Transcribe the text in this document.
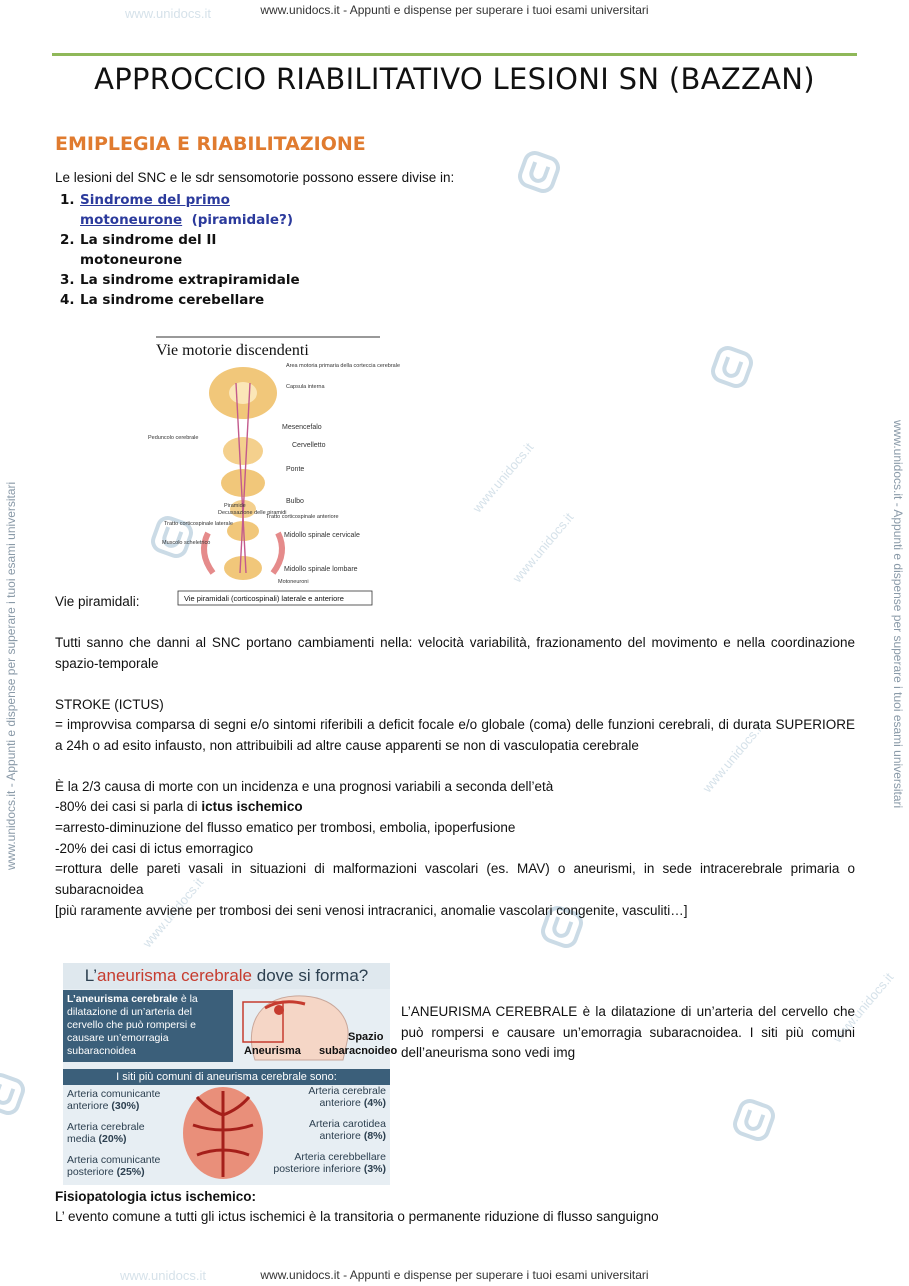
www.unidocs.it
www.unidocs.it
www.unidocs.it
www.unidocs.it
www.unidocs.it
www.unidocs.it
www.unidocs.it
www.unidocs.it - Appunti e dispense per superare i tuoi esami universitari	www.unidocs.it - Appunti e dispense per superare i tuoi esami universitari
www.unidocs.it - Appunti e dispense per superare i tuoi esami universitari
APPROCCIO RIABILITATIVO LESIONI SN (BAZZAN)
EMIPLEGIA E RIABILITAZIONE
Le lesioni del SNC e le sdr sensomotorie possono essere divise in:
1. Sindrome del primo
motoneurone (piramidale?)
2. La sindrome del II
motoneurone
3. La sindrome extrapiramidale
4. La sindrome cerebellare
Vie motorie discendenti
Area motoria primaria della corteccia cerebrale
Capsula interna
Mesencefalo
Peduncolo cerebrale
Cervelletto
Ponte
Bulbo
Piramide
Decussazione delle piramidi
Tratto corticospinale anteriore
Tratto corticospinale laterale
Midollo spinale cervicale
Muscolo scheletrico
Midollo spinale lombare
Motoneuroni
Vie piramidali (corticospinali) laterale e anteriore
Vie piramidali:
Tutti sanno che danni al SNC portano cambiamenti nella: velocità variabilità, frazionamento del movimento e nella coordinazione spazio-temporale
STROKE (ICTUS)
= improvvisa comparsa di segni e/o sintomi riferibili a deficit focale e/o globale (coma) delle funzioni cerebrali, di durata SUPERIORE a 24h o ad esito infausto, non attribuibili ad altre cause apparenti se non di vasculopatia cerebrale
È la 2/3 causa di morte con un incidenza e una prognosi variabili a seconda dell’età
-80% dei casi si parla di ictus ischemico
=arresto-diminuzione del flusso ematico per trombosi, embolia, ipoperfusione
-20% dei casi di ictus emorragico
=rottura delle pareti vasali in situazioni di malformazioni vascolari (es. MAV) o aneurismi, in sede intracerebrale primaria o subaracnoidea
[più raramente avviene per trombosi dei seni venosi intracranici, anomalie vascolari congenite, vasculiti…]
L’aneurisma cerebrale dove si forma?
L’aneurisma cerebrale è la dilatazione di un’arteria del cervello che può rompersi e causare un’emorragia subaracnoidea	Aneurisma
Spazio
subaracnoideo
I siti più comuni di aneurisma cerebrale sono:
Arteria comunicante
anteriore (30%)
Arteria cerebrale
media (20%)
Arteria comunicante
posteriore (25%)
Arteria cerebrale
anteriore (4%)
Arteria carotidea
anteriore (8%)
Arteria cerebbellare
posteriore inferiore (3%)
L’ANEURISMA CEREBRALE è la dilatazione di un’arteria del cervello che può rompersi e causare un’emorragia subaracnoidea. I siti più comuni dell’aneurisma sono vedi img
Fisiopatologia ictus ischemico:
L’ evento comune a tutti gli ictus ischemici è la transitoria o permanente riduzione di flusso sanguigno
www.unidocs.it - Appunti e dispense per superare i tuoi esami universitari
